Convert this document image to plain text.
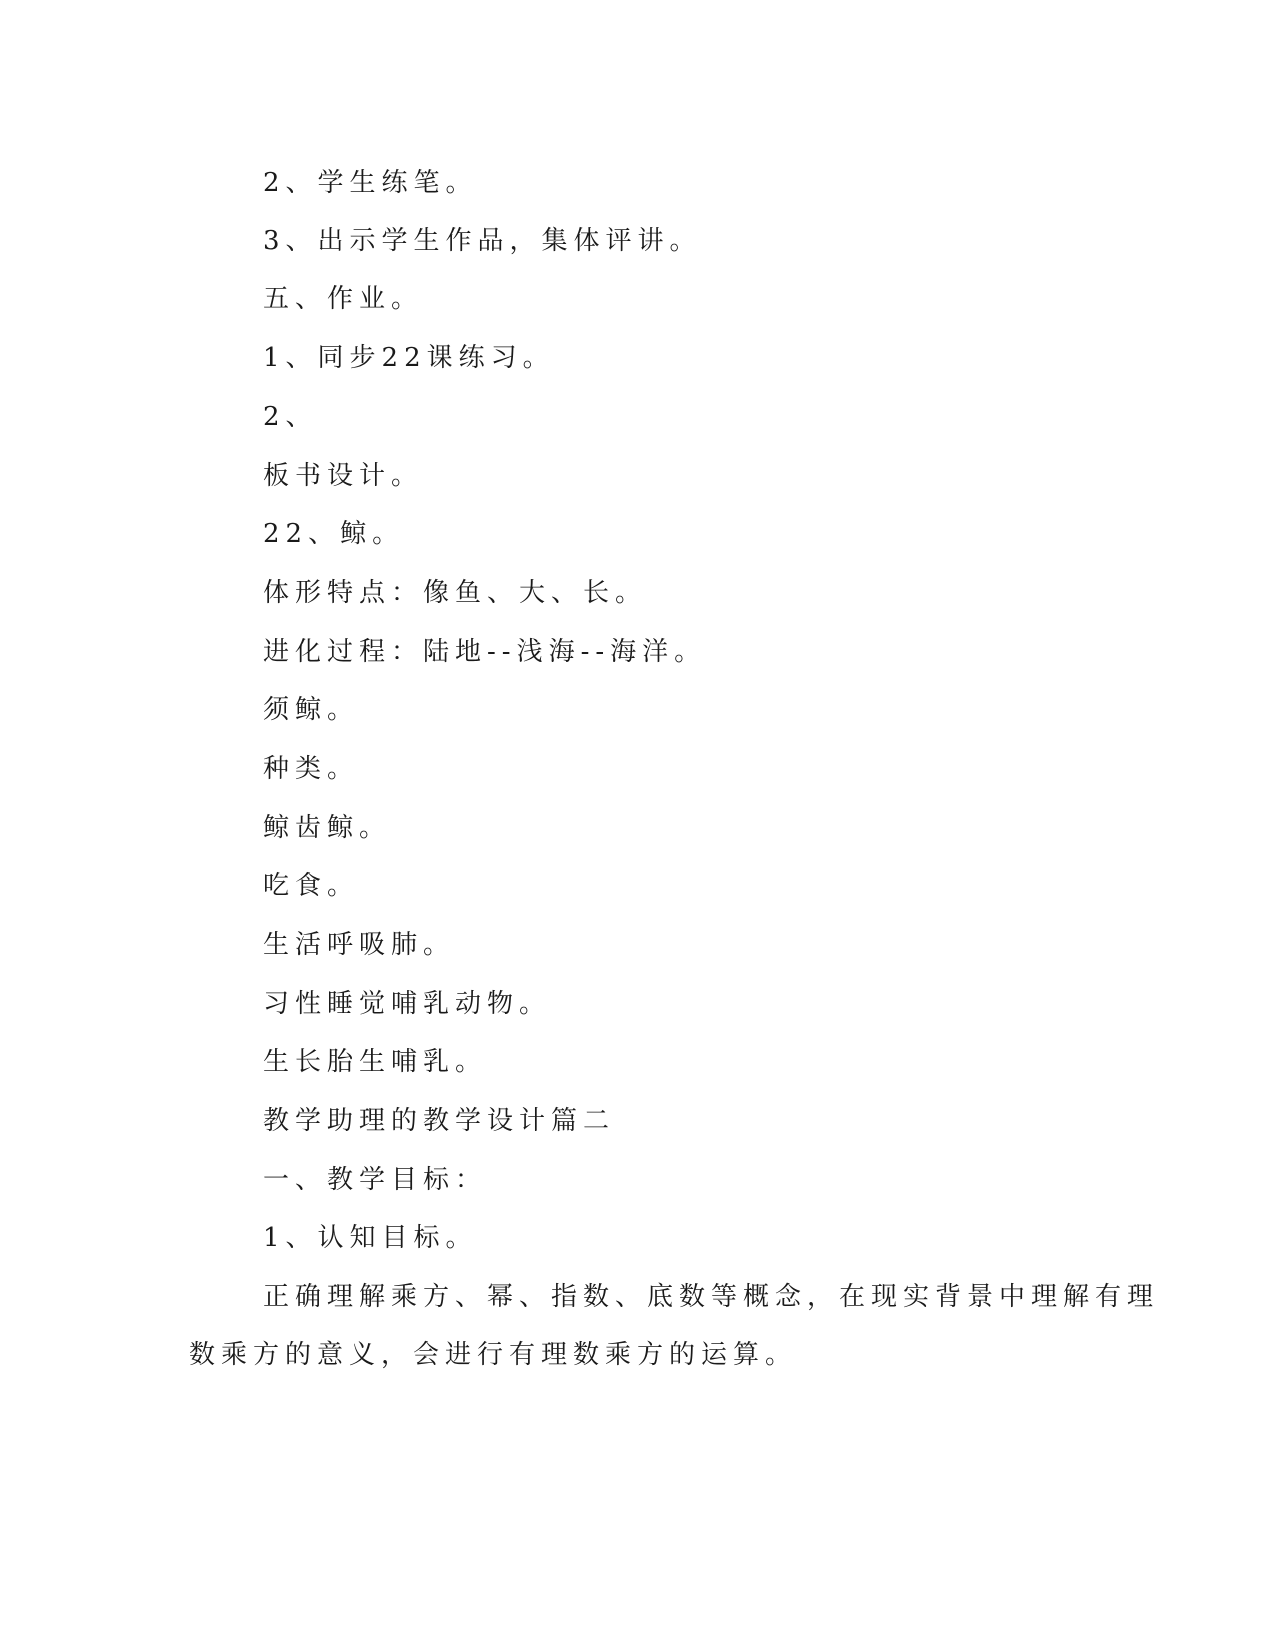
2、学生练笔。

3、出示学生作品，集体评讲。

五、作业。

1、同步22课练习。

2、

板书设计。

22、鲸。

体形特点：像鱼、大、长。

进化过程：陆地--浅海--海洋。

须鲸。

种类。

鲸齿鲸。

吃食。

生活呼吸肺。

习性睡觉哺乳动物。

生长胎生哺乳。

教学助理的教学设计篇二

一、教学目标：

1、认知目标。

正确理解乘方、幂、指数、底数等概念，在现实背景中理解有理

数乘方的意义，会进行有理数乘方的运算。
